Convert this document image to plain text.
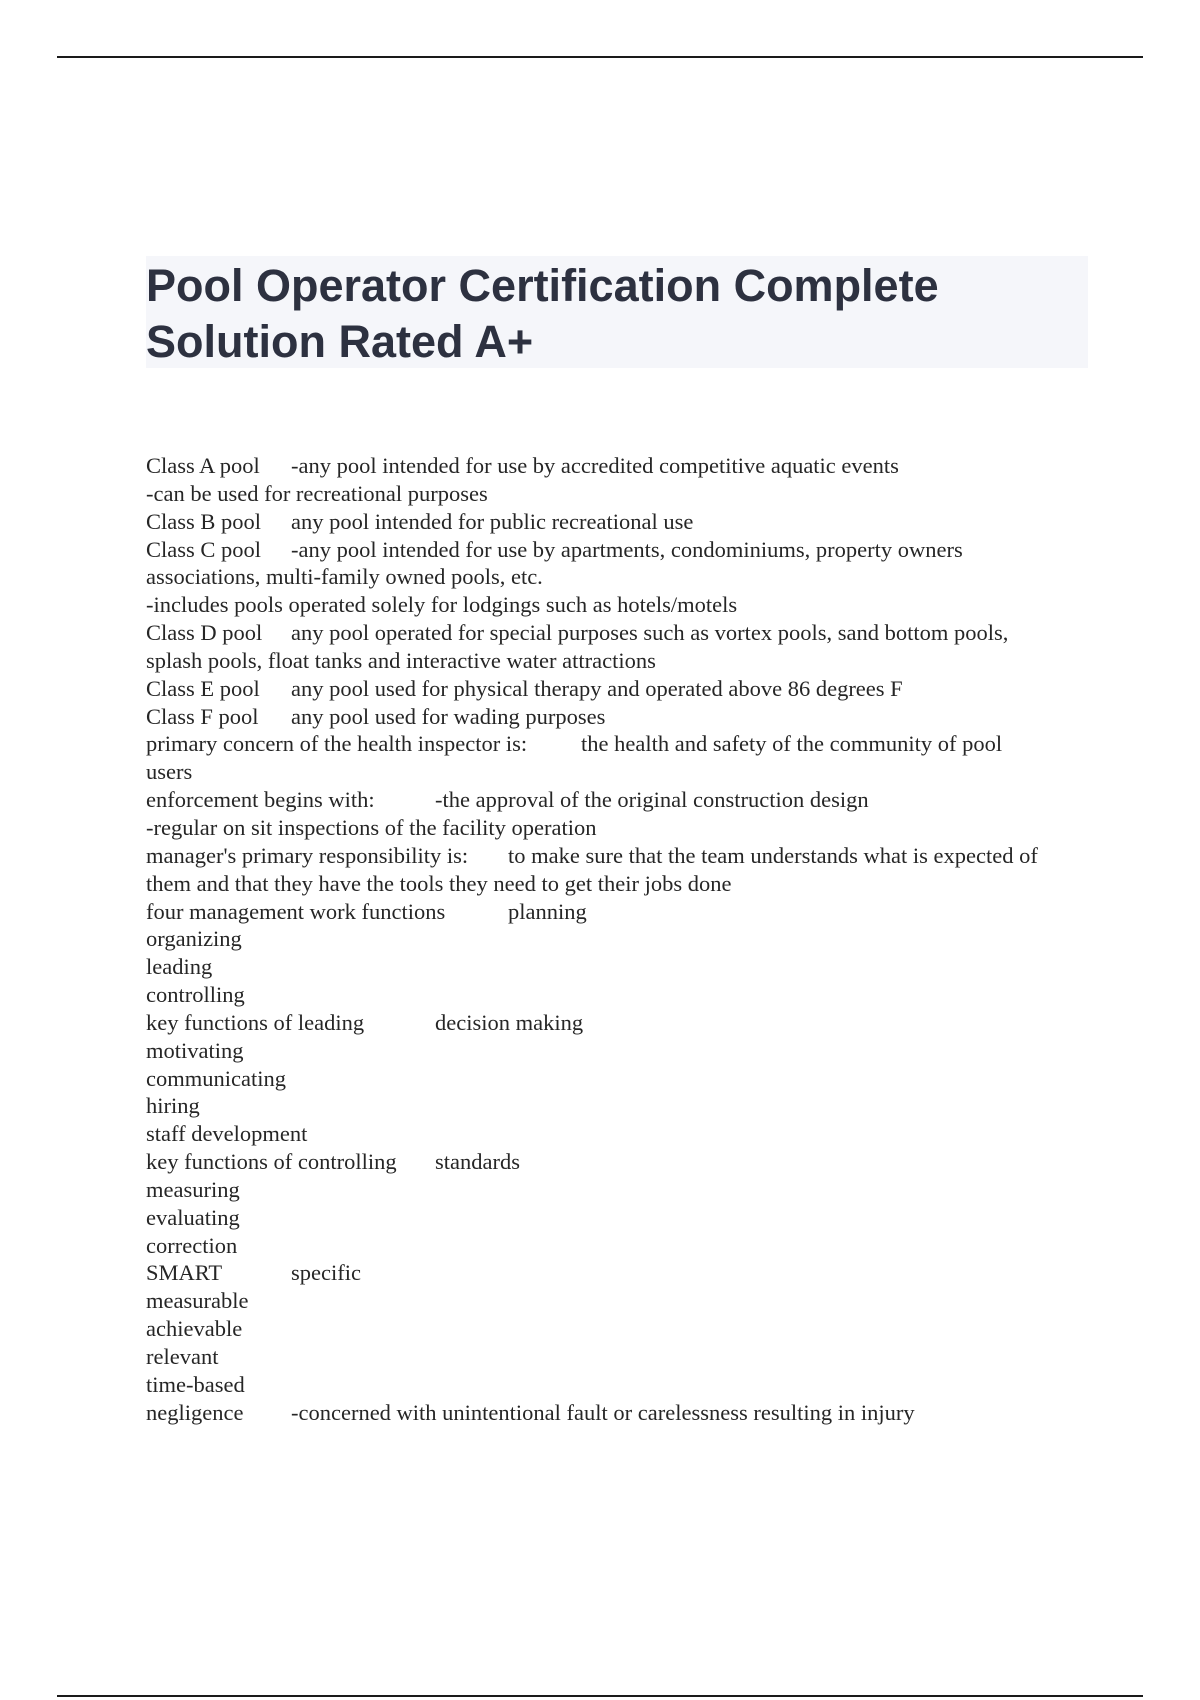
Pool Operator Certification Complete Solution Rated A+
Class A pool -any pool intended for use by accredited competitive aquatic events
-can be used for recreational purposes
Class B pool any pool intended for public recreational use
Class C pool -any pool intended for use by apartments, condominiums, property owners
associations, multi-family owned pools, etc.
-includes pools operated solely for lodgings such as hotels/motels
Class D pool any pool operated for special purposes such as vortex pools, sand bottom pools,
splash pools, float tanks and interactive water attractions
Class E pool any pool used for physical therapy and operated above 86 degrees F
Class F pool any pool used for wading purposes
primary concern of the health inspector is: the health and safety of the community of pool
users
enforcement begins with:	-the approval of the original construction design
-regular on sit inspections of the facility operation
manager's primary responsibility is: to make sure that the team understands what is expected of
them and that they have the tools they need to get their jobs done
four management work functions	planning
organizing
leading
controlling
key functions of leading	decision making
motivating
communicating
hiring
staff development
key functions of controlling standards
measuring
evaluating
correction
SMART	specific
measurable
achievable
relevant
time-based
negligence -concerned with unintentional fault or carelessness resulting in injury
